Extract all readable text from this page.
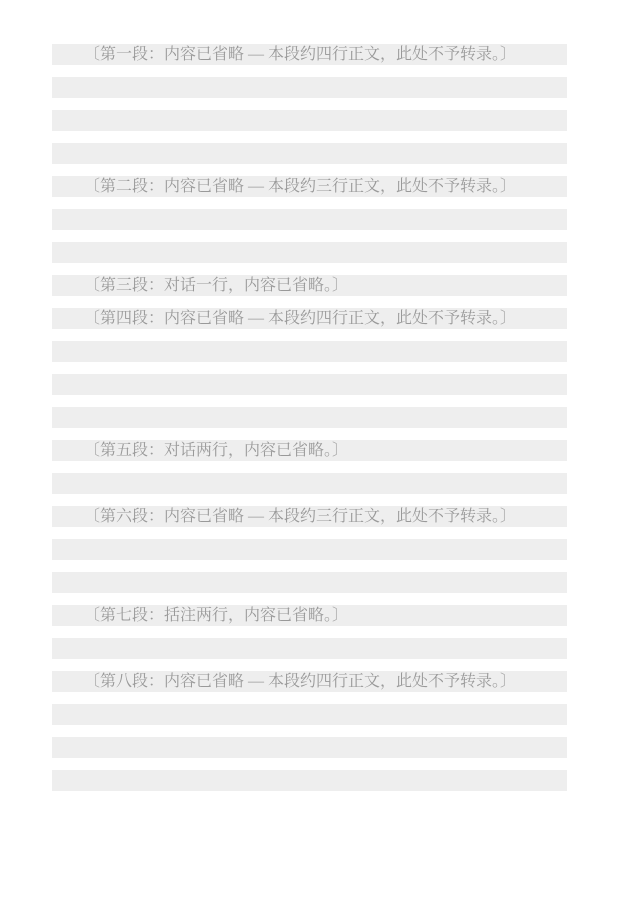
〔第一段：内容已省略 — 本段约四行正文，此处不予转录。〕

〔第二段：内容已省略 — 本段约三行正文，此处不予转录。〕

〔第三段：对话一行，内容已省略。〕

〔第四段：内容已省略 — 本段约四行正文，此处不予转录。〕

〔第五段：对话两行，内容已省略。〕

〔第六段：内容已省略 — 本段约三行正文，此处不予转录。〕

〔第七段：括注两行，内容已省略。〕

〔第八段：内容已省略 — 本段约四行正文，此处不予转录。〕
